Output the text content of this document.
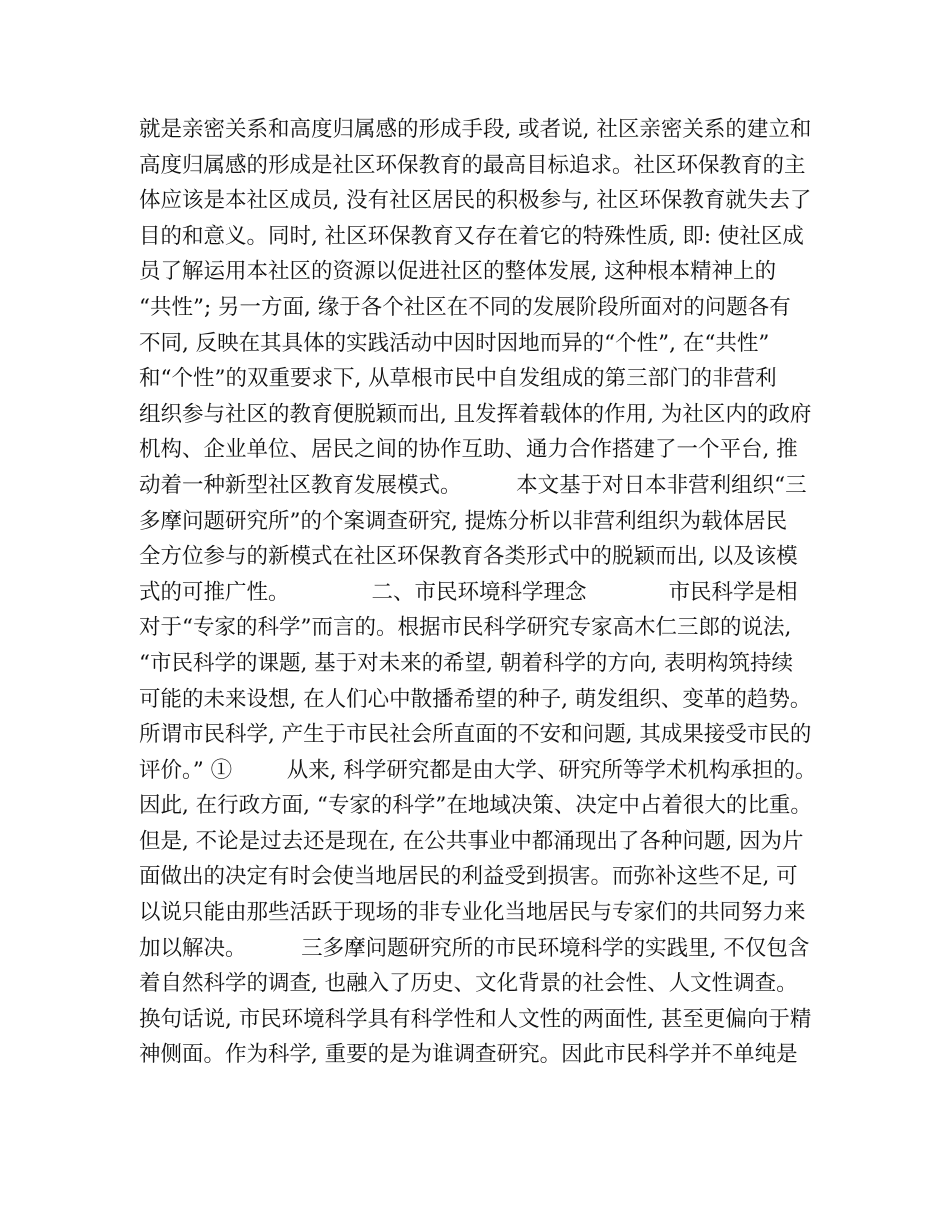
就是亲密关系和高度归属感的形成手段, 或者说, 社区亲密关系的建立和
高度归属感的形成是社区环保教育的最高目标追求。社区环保教育的主
体应该是本社区成员, 没有社区居民的积极参与, 社区环保教育就失去了
目的和意义。同时, 社区环保教育又存在着它的特殊性质, 即: 使社区成
员了解运用本社区的资源以促进社区的整体发展, 这种根本精神上的
“共性”; 另一方面, 缘于各个社区在不同的发展阶段所面对的问题各有
不同, 反映在其具体的实践活动中因时因地而异的“个性”, 在“共性”
和“个性”的双重要求下, 从草根市民中自发组成的第三部门的非营利
组织参与社区的教育便脱颖而出, 且发挥着载体的作用, 为社区内的政府
机构、企业单位、居民之间的协作互助、通力合作搭建了一个平台, 推
动着一种新型社区教育发展模式。        本文基于对日本非营利组织“三
多摩问题研究所”的个案调查研究, 提炼分析以非营利组织为载体居民
全方位参与的新模式在社区环保教育各类形式中的脱颖而出, 以及该模
式的可推广性。            二、市民环境科学理念            市民科学是相
对于“专家的科学”而言的。根据市民科学研究专家高木仁三郎的说法,
“市民科学的课题, 基于对未来的希望, 朝着科学的方向, 表明构筑持续
可能的未来设想, 在人们心中散播希望的种子, 萌发组织、变革的趋势。
所谓市民科学, 产生于市民社会所直面的不安和问题, 其成果接受市民的
评价。” ①        从来, 科学研究都是由大学、研究所等学术机构承担的。
因此, 在行政方面, “专家的科学”在地域决策、决定中占着很大的比重。
但是, 不论是过去还是现在, 在公共事业中都涌现出了各种问题, 因为片
面做出的决定有时会使当地居民的利益受到损害。而弥补这些不足, 可
以说只能由那些活跃于现场的非专业化当地居民与专家们的共同努力来
加以解决。        三多摩问题研究所的市民环境科学的实践里, 不仅包含
着自然科学的调查, 也融入了历史、文化背景的社会性、人文性调查。
换句话说, 市民环境科学具有科学性和人文性的两面性, 甚至更偏向于精
神侧面。作为科学, 重要的是为谁调查研究。因此市民科学并不单纯是
